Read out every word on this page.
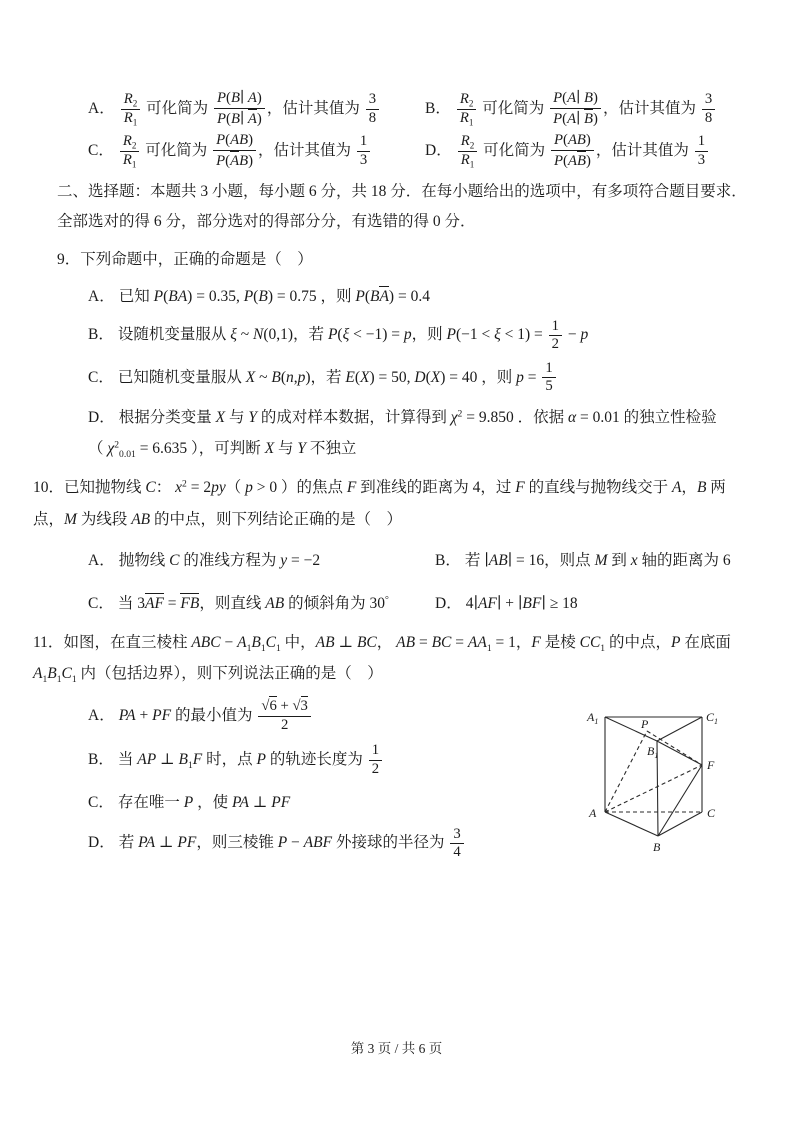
A． $\frac{R_2}{R_1}$ 可化简为 $\frac{P(B∣ A)}{P(B∣ A)}$ ，估计其值为 $\frac{3}{8}$	B． $\frac{R_2}{R_1}$ 可化简为 $\frac{P(A∣ B)}{P(A∣ B)}$ ，估计其值为 $\frac{3}{8}$
C． $\frac{R_2}{R_1}$ 可化简为 $\frac{P(AB)}{P(AB)}$ ，估计其值为 $\frac{1}{3}$	D． $\frac{R_2}{R_1}$ 可化简为 $\frac{P(AB)}{P(AB)}$ ，估计其值为 $\frac{1}{3}$

二、选择题：本题共 3 小题，每小题 6 分，共 18 分．在每小题给出的选项中，有多项符合题目要求．全部选对的得 6 分，部分选对的得部分分，有选错的得 0 分．

9．下列命题中，正确的命题是（　）

A． 已知 P(BA) = 0.35, P(B) = 0.75 ，则 P(BA) = 0.4

B． 设随机变量服从 ξ ~ N(0,1)，若 P(ξ < −1) = p，则 $P(-1 < \xi < 1) = \frac{1}{2} - p$

C． 已知随机变量服从 X ~ B(n,p)，若 E(X) = 50, D(X) = 40 ，则 $p = \frac{1}{5}$

D． 根据分类变量 X 与 Y 的成对样本数据，计算得到 $\chi^2 = 9.850$ ．依据 α = 0.01 的独立性检验
（ $\chi^2_{0.01} = 6.635$ ），可判断 X 与 Y 不独立

10．已知抛物线 C： $x^2 = 2py$（ p > 0 ）的焦点 F 到准线的距离为 4，过 F 的直线与抛物线交于 A，B 两点，M 为线段 AB 的中点，则下列结论正确的是（　）

A． 抛物线 C 的准线方程为 y = −2	B． 若 ∣AB∣ = 16，则点 M 到 x 轴的距离为 6
C． 当 3AF = FB，则直线 AB 的倾斜角为 30°	D． 4∣AF∣ + ∣BF∣ ≥ 18

11．如图，在直三棱柱 ABC − $A_1B_1C_1$ 中，AB ⊥ BC， AB = BC = $AA_1 = 1$，F 是棱 $CC_1$ 的中点，P 在底面 $A_1B_1C_1$ 内（包括边界），则下列说法正确的是（　）

A． PA + PF 的最小值为 $\frac{√6 + √3}{2}$

B． 当 AP ⊥ $B_1F$ 时，点 P 的轨迹长度为 $\frac{1}{2}$

C． 存在唯一 P ，使 PA ⊥ PF

D． 若 PA ⊥ PF，则三棱锥 P − ABF 外接球的半径为 $\frac{3}{4}$

$A_1$	$C_1$
P
$B_1$
F
A	C
B
第 3 页 / 共 6 页
